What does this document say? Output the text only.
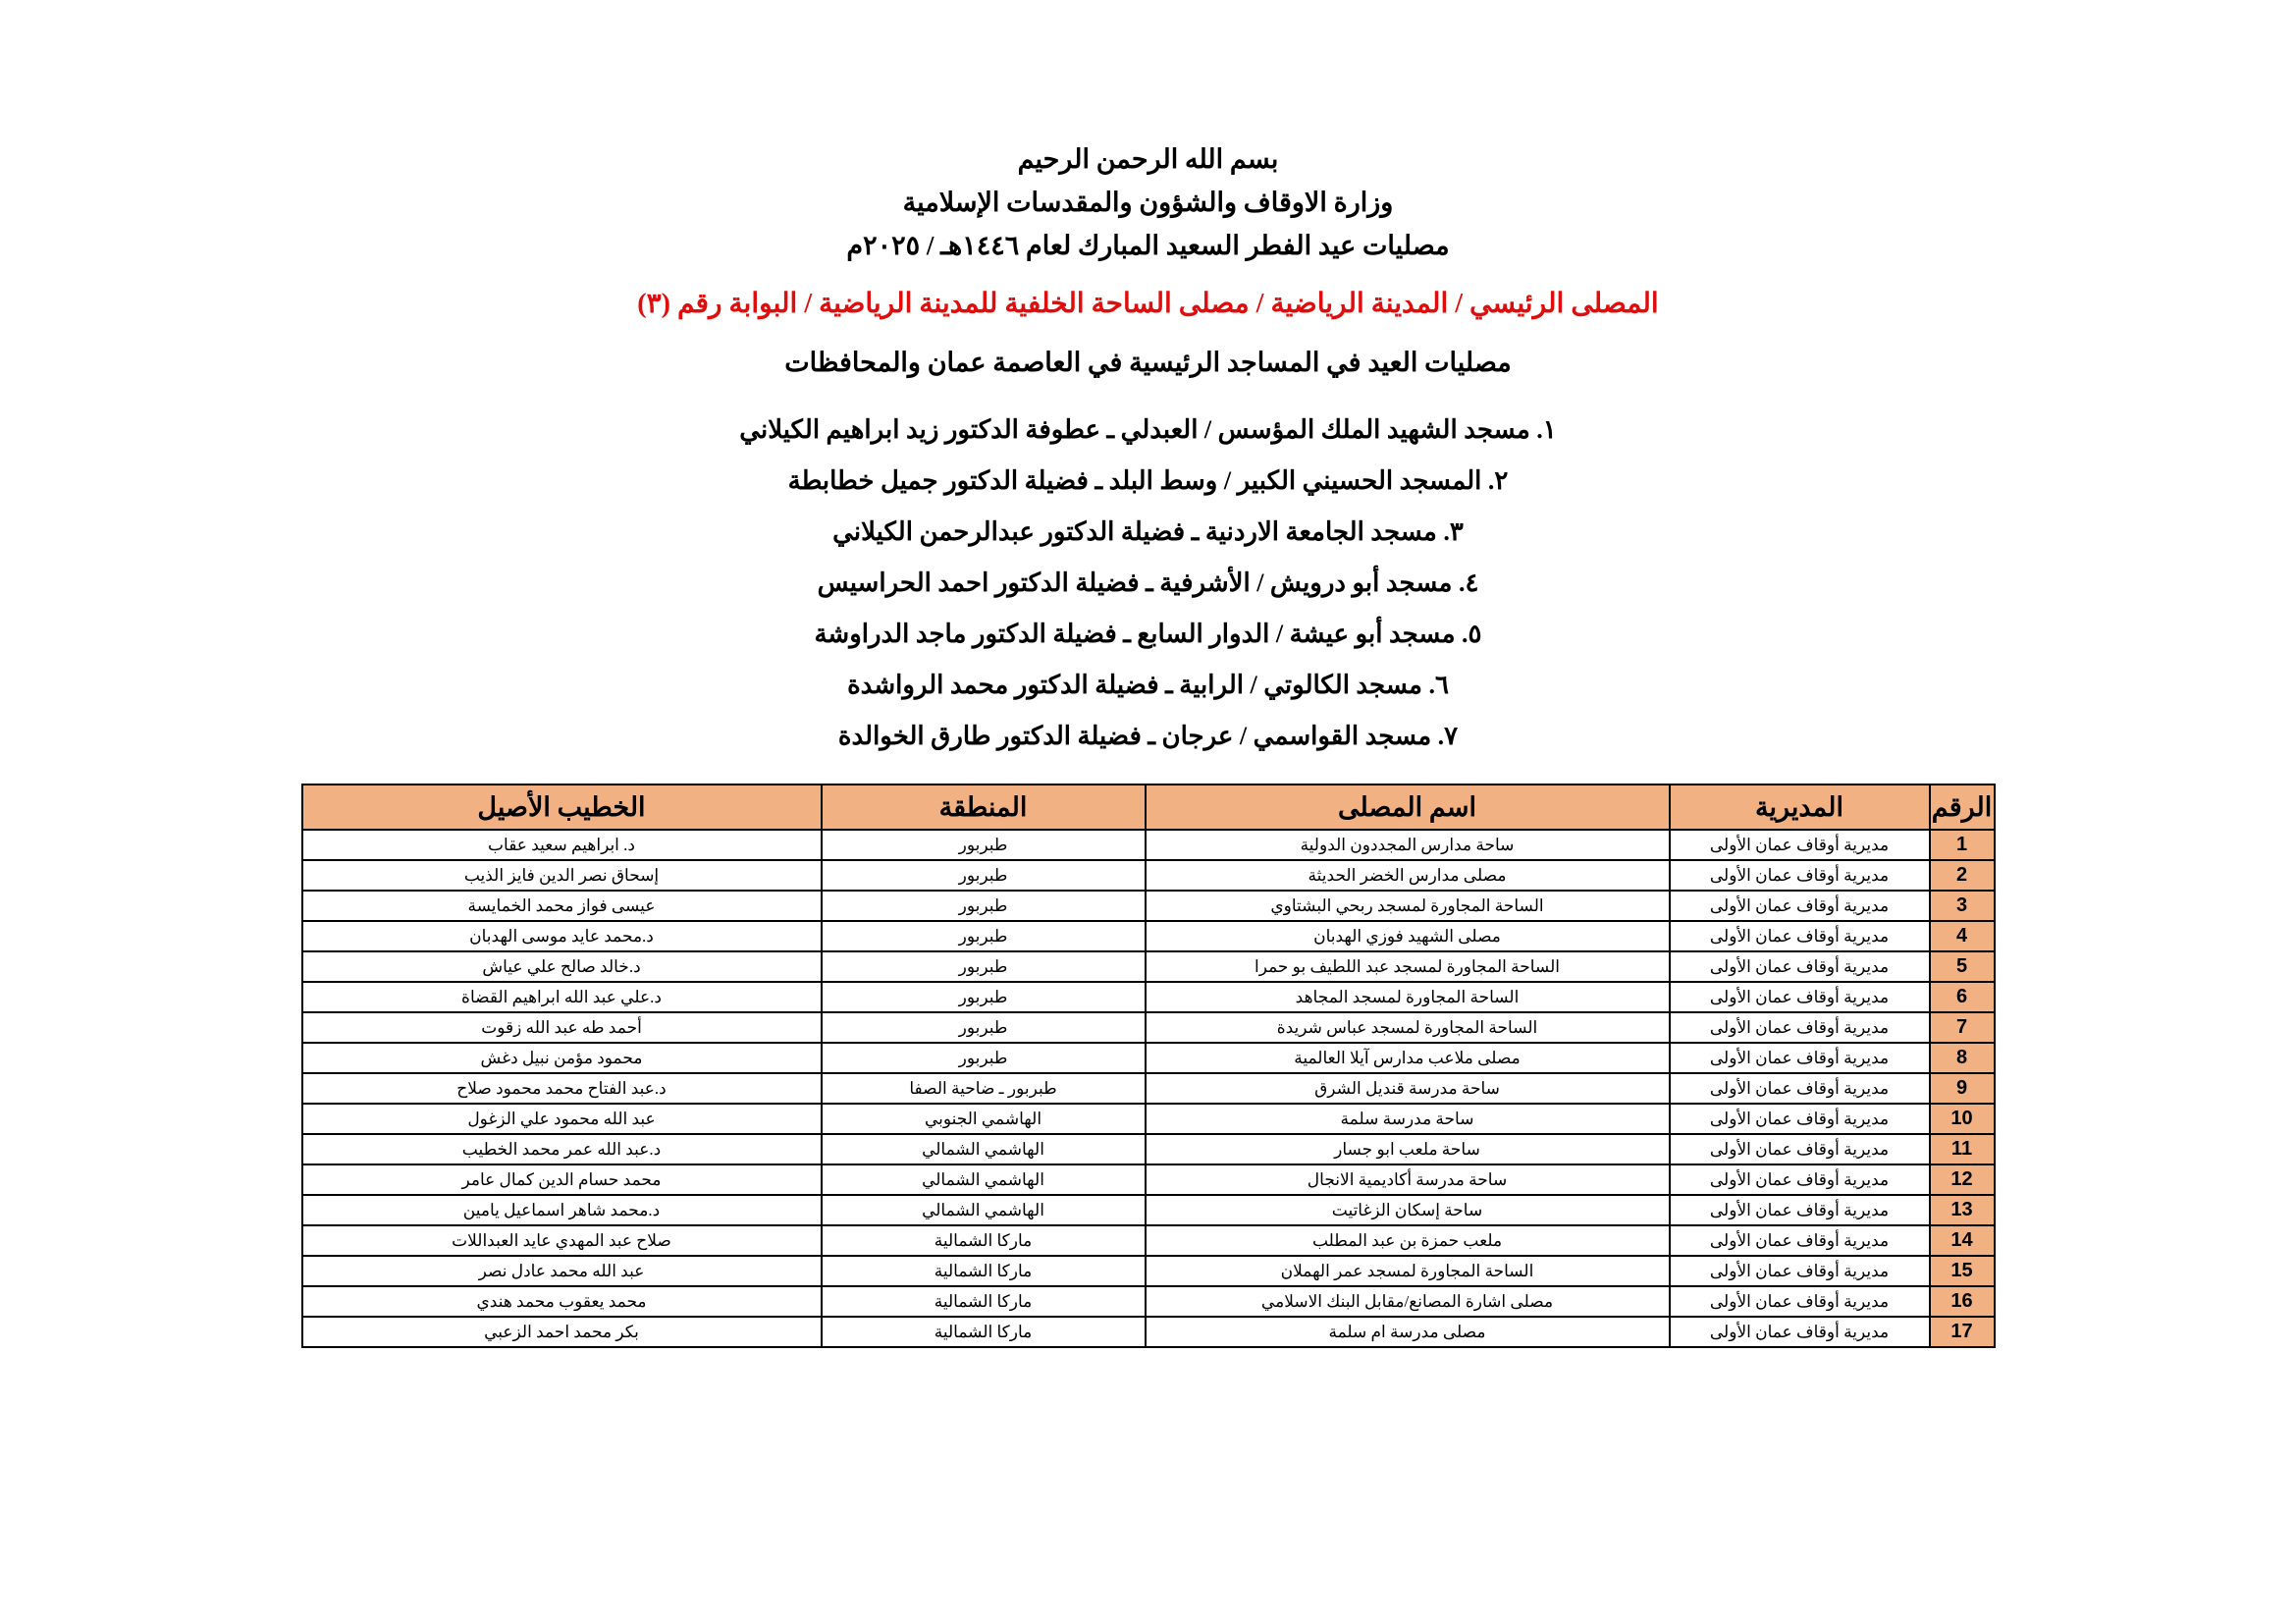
بسم الله الرحمن الرحيم
وزارة الاوقاف والشؤون والمقدسات الإسلامية
مصليات عيد الفطر السعيد المبارك لعام ١٤٤٦هـ / ٢٠٢٥م
المصلى الرئيسي / المدينة الرياضية / مصلى الساحة الخلفية للمدينة الرياضية / البوابة رقم (٣)
مصليات العيد في المساجد الرئيسية في العاصمة عمان والمحافظات
١. مسجد الشهيد الملك المؤسس / العبدلي ـ عطوفة الدكتور زيد ابراهيم الكيلاني
٢. المسجد الحسيني الكبير / وسط البلد ـ فضيلة الدكتور جميل خطابطة
٣. مسجد الجامعة الاردنية ـ فضيلة الدكتور عبدالرحمن الكيلاني
٤. مسجد أبو درويش / الأشرفية ـ فضيلة الدكتور احمد الحراسيس
٥. مسجد أبو عيشة / الدوار السابع ـ فضيلة الدكتور ماجد الدراوشة
٦. مسجد الكالوتي / الرابية ـ فضيلة الدكتور محمد الرواشدة
٧. مسجد القواسمي / عرجان ـ فضيلة الدكتور طارق الخوالدة
الرقم	المديرية	اسم المصلى	المنطقة	الخطيب الأصيل
1	مديرية أوقاف عمان الأولى	ساحة مدارس المجددون الدولية	طبربور	د. ابراهيم سعيد عقاب
2	مديرية أوقاف عمان الأولى	مصلى مدارس الخضر الحديثة	طبربور	إسحاق نصر الدين فايز الذيب
3	مديرية أوقاف عمان الأولى	الساحة المجاورة لمسجد ربحي البشتاوي	طبربور	عيسى فواز محمد الخمايسة
4	مديرية أوقاف عمان الأولى	مصلى الشهيد فوزي الهدبان	طبربور	د.محمد عايد موسى الهدبان
5	مديرية أوقاف عمان الأولى	الساحة المجاورة لمسجد عبد اللطيف بو حمرا	طبربور	د.خالد صالح علي عياش
6	مديرية أوقاف عمان الأولى	الساحة المجاورة لمسجد المجاهد	طبربور	د.علي عبد الله ابراهيم القضاة
7	مديرية أوقاف عمان الأولى	الساحة المجاورة لمسجد عباس شريدة	طبربور	أحمد طه عبد الله زقوت
8	مديرية أوقاف عمان الأولى	مصلى ملاعب مدارس آيلا العالمية	طبربور	محمود مؤمن نبيل دغش
9	مديرية أوقاف عمان الأولى	ساحة مدرسة قنديل الشرق	طبربور ـ ضاحية الصفا	د.عبد الفتاح محمد محمود صلاح
10	مديرية أوقاف عمان الأولى	ساحة مدرسة سلمة	الهاشمي الجنوبي	عبد الله محمود علي الزغول
11	مديرية أوقاف عمان الأولى	ساحة ملعب ابو جسار	الهاشمي الشمالي	د.عبد الله عمر محمد الخطيب
12	مديرية أوقاف عمان الأولى	ساحة مدرسة أكاديمية الانجال	الهاشمي الشمالي	محمد حسام الدين كمال عامر
13	مديرية أوقاف عمان الأولى	ساحة إسكان الزغاتيت	الهاشمي الشمالي	د.محمد شاهر اسماعيل يامين
14	مديرية أوقاف عمان الأولى	ملعب حمزة بن عبد المطلب	ماركا الشمالية	صلاح عبد المهدي عايد العبداللات
15	مديرية أوقاف عمان الأولى	الساحة المجاورة لمسجد عمر الهملان	ماركا الشمالية	عبد الله محمد عادل نصر
16	مديرية أوقاف عمان الأولى	مصلى اشارة المصانع/مقابل البنك الاسلامي	ماركا الشمالية	محمد يعقوب محمد هندي
17	مديرية أوقاف عمان الأولى	مصلى مدرسة ام سلمة	ماركا الشمالية	بكر محمد احمد الزعبي
